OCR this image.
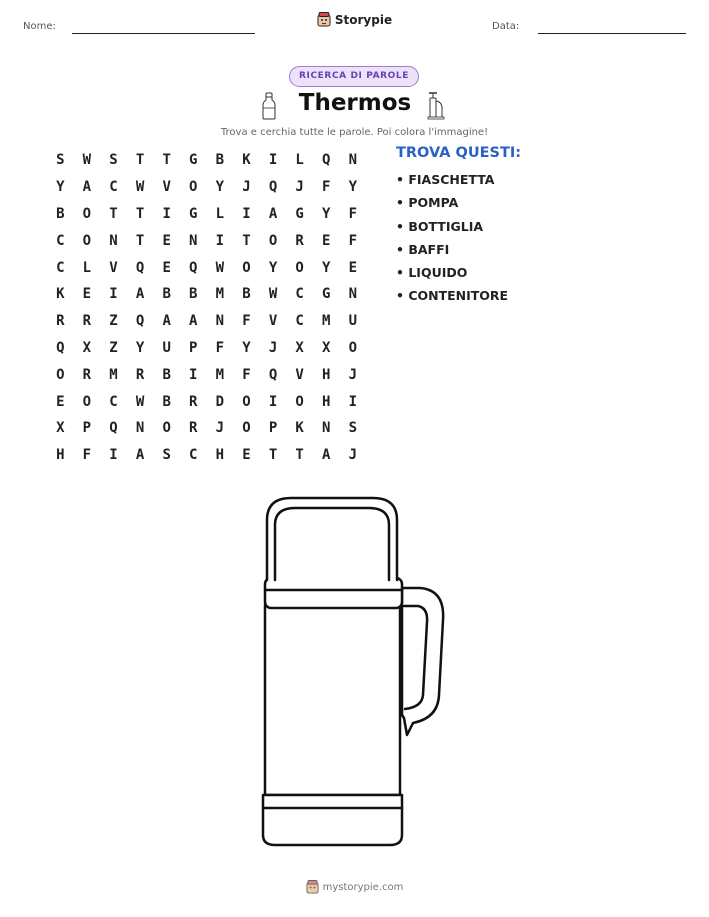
Nome:	Storypie	Data:
RICERCA DI PAROLE
Thermos
Trova e cerchia tutte le parole. Poi colora l'immagine!
S	W	S	T	T	G	B	K	I	L	Q	N
Y	A	C	W	V	O	Y	J	Q	J	F	Y
B	O	T	T	I	G	L	I	A	G	Y	F
C	O	N	T	E	N	I	T	O	R	E	F
C	L	V	Q	E	Q	W	O	Y	O	Y	E
K	E	I	A	B	B	M	B	W	C	G	N
R	R	Z	Q	A	A	N	F	V	C	M	U
Q	X	Z	Y	U	P	F	Y	J	X	X	O
O	R	M	R	B	I	M	F	Q	V	H	J
E	O	C	W	B	R	D	O	I	O	H	I
X	P	Q	N	O	R	J	O	P	K	N	S
H	F	I	A	S	C	H	E	T	T	A	J
TROVA QUESTI:
• FIASCHETTA
• POMPA
• BOTTIGLIA
• BAFFI
• LIQUIDO
• CONTENITORE
mystorypie.com
